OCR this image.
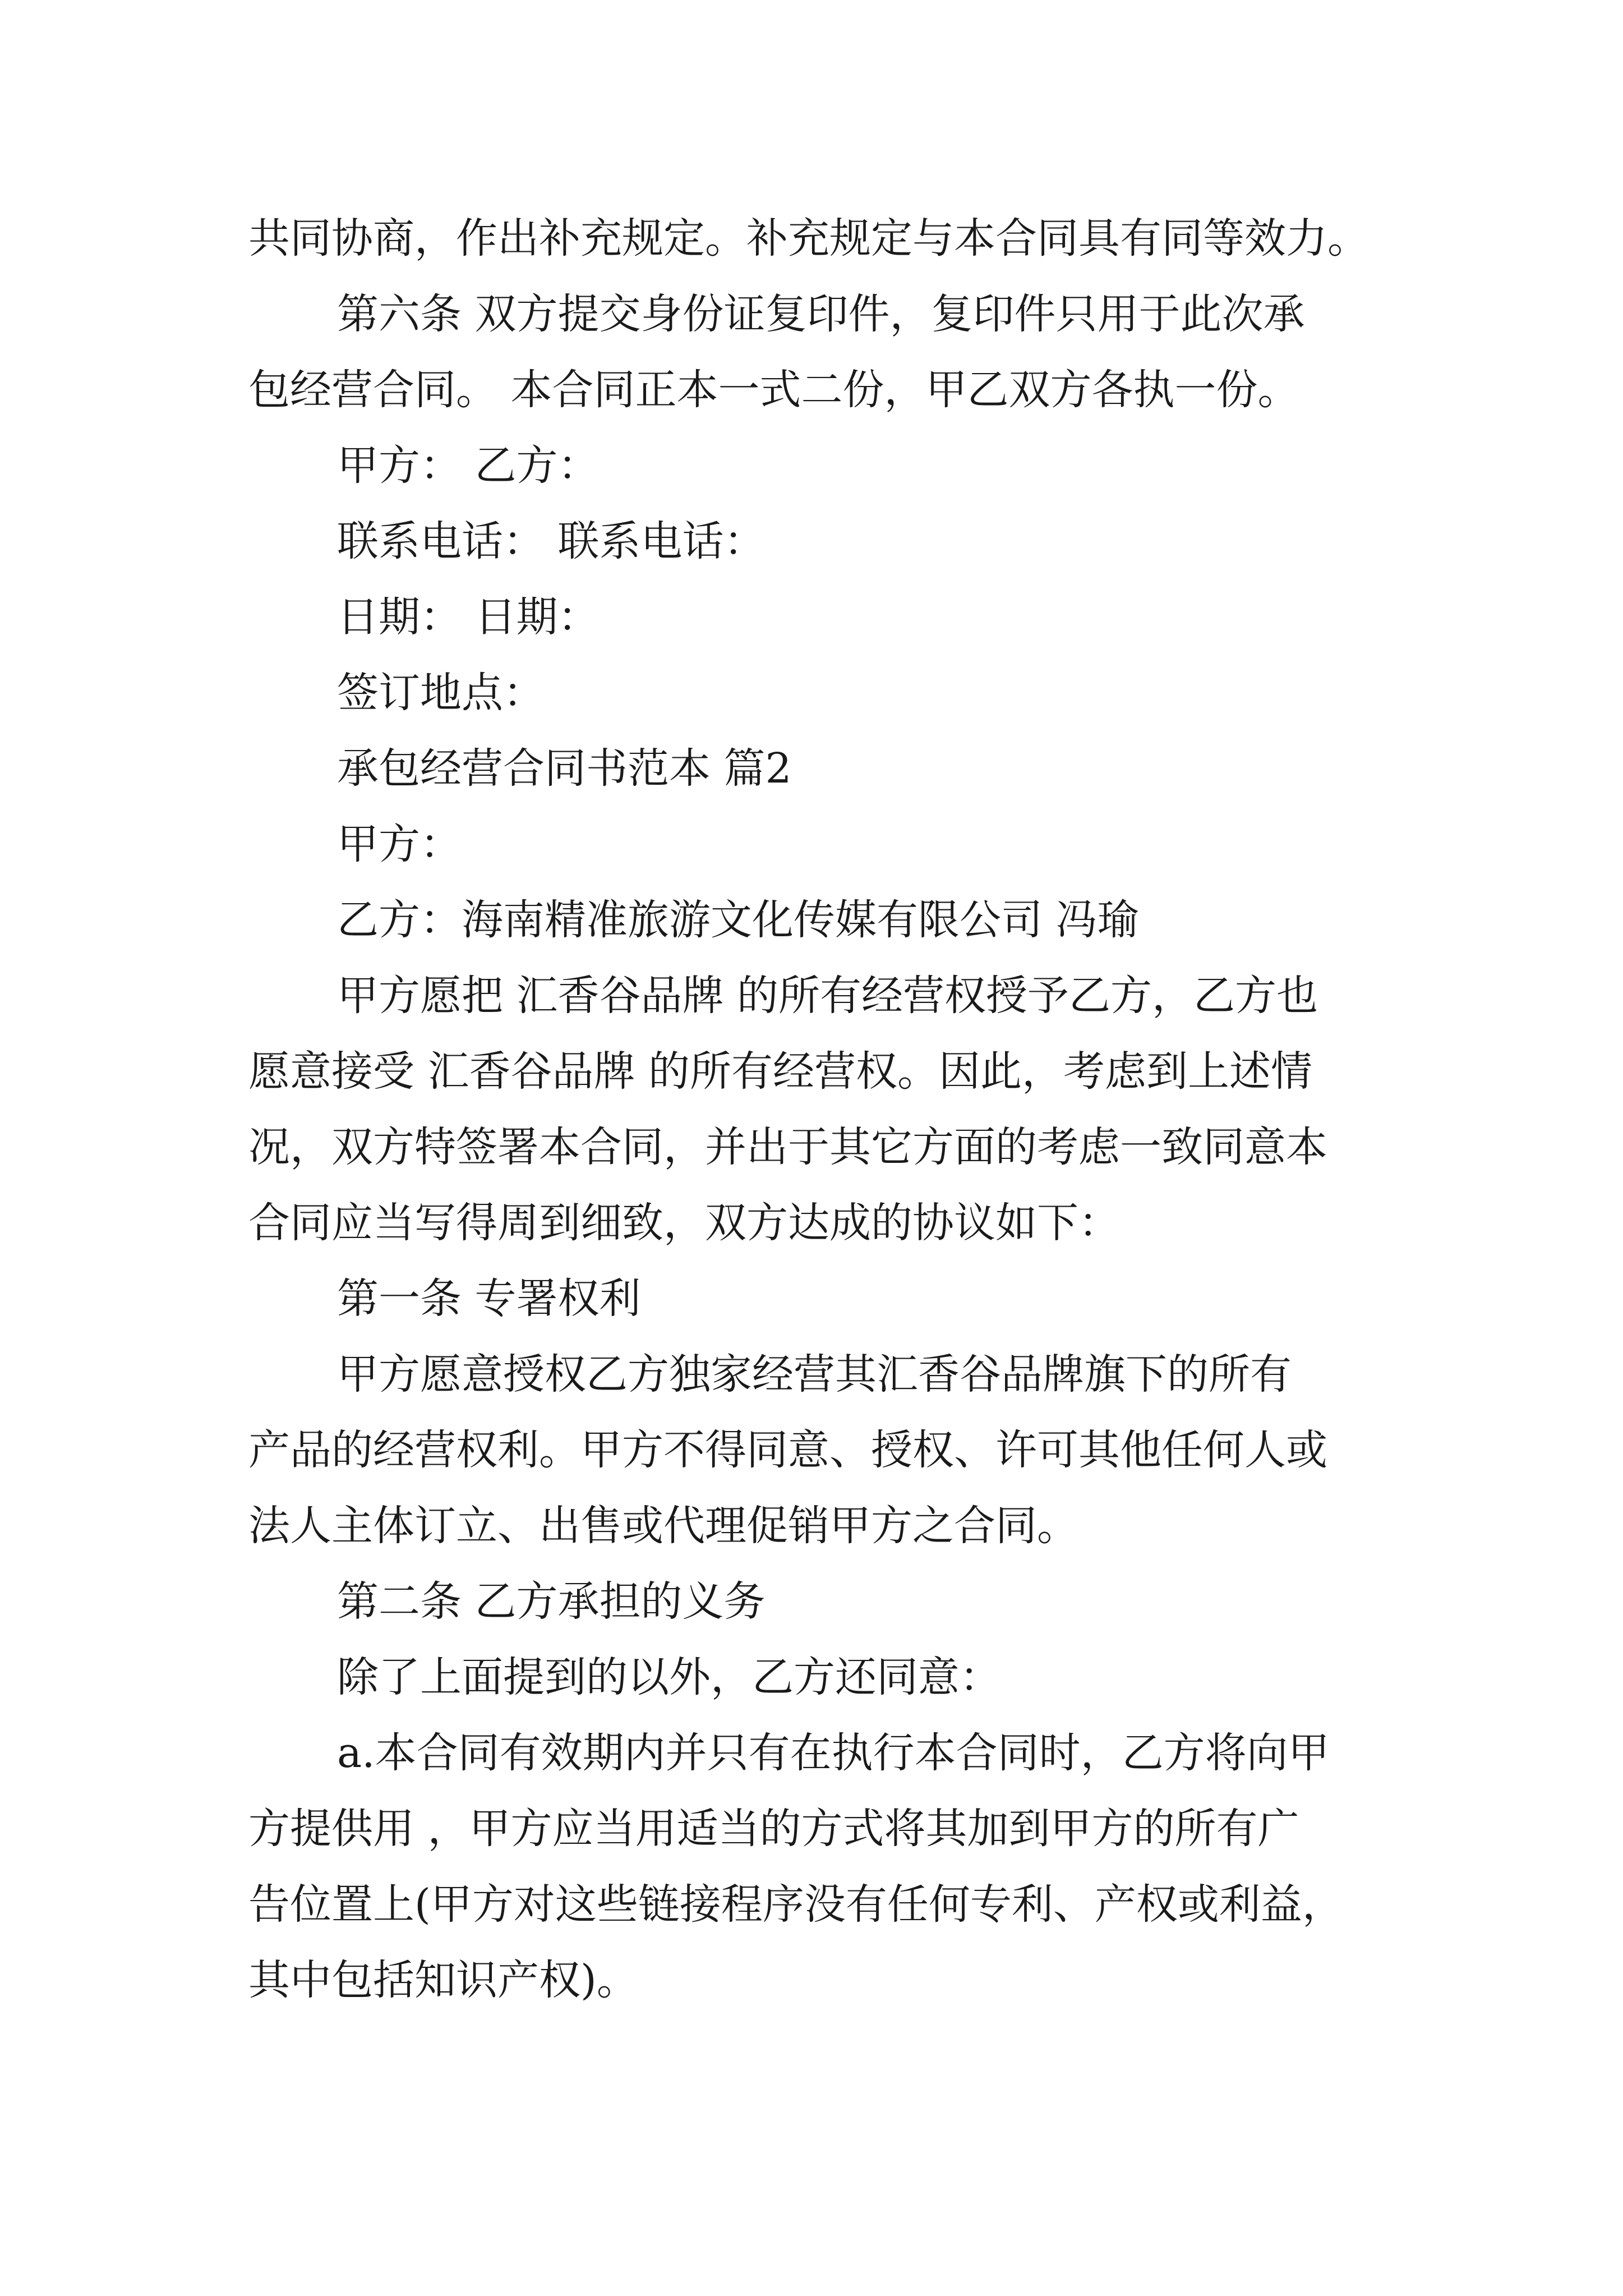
共同协商，作出补充规定。补充规定与本合同具有同等效力。
第六条 双方提交身份证复印件，复印件只用于此次承
包经营合同。 本合同正本一式二份，甲乙双方各执一份。
甲方： 乙方：
联系电话： 联系电话：
日期： 日期：
签订地点：
承包经营合同书范本 篇2
甲方：
乙方：海南精准旅游文化传媒有限公司 冯瑜
甲方愿把 汇香谷品牌 的所有经营权授予乙方，乙方也
愿意接受 汇香谷品牌 的所有经营权。因此，考虑到上述情
况，双方特签署本合同，并出于其它方面的考虑一致同意本
合同应当写得周到细致，双方达成的协议如下：
第一条 专署权利
甲方愿意授权乙方独家经营其汇香谷品牌旗下的所有
产品的经营权利。甲方不得同意、授权、许可其他任何人或
法人主体订立、出售或代理促销甲方之合同。
第二条 乙方承担的义务
除了上面提到的以外，乙方还同意：
a.本合同有效期内并只有在执行本合同时，乙方将向甲
方提供用 ，甲方应当用适当的方式将其加到甲方的所有广
告位置上(甲方对这些链接程序没有任何专利、产权或利益，
其中包括知识产权)。
